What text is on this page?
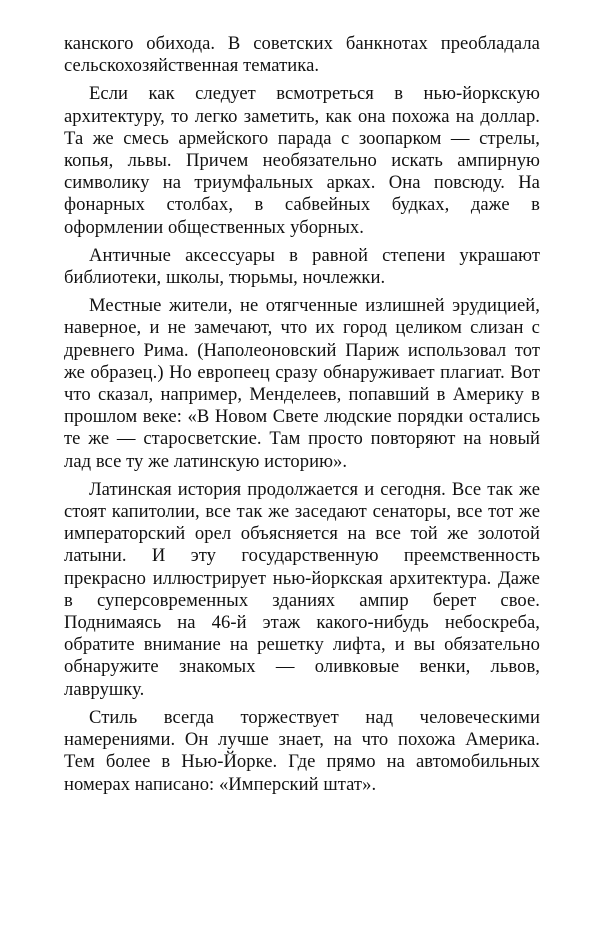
канского обихода. В советских банкнотах преобладала сельскохозяйственная тематика.

Если как следует всмотреться в нью-йоркскую архитектуру, то легко заметить, как она похожа на доллар. Та же смесь армейского парада с зоопарком — стрелы, копья, львы. Причем необязательно искать ампирную символику на триумфальных арках. Она повсюду. На фонарных столбах, в сабвейных будках, даже в оформлении общественных уборных.

Античные аксессуары в равной степени украшают библиотеки, школы, тюрьмы, ночлежки.

Местные жители, не отягченные излишней эрудицией, наверное, и не замечают, что их город целиком слизан с древнего Рима. (Наполеоновский Париж использовал тот же образец.) Но европеец сразу обнаруживает плагиат. Вот что сказал, например, Менделеев, попавший в Америку в прошлом веке: «В Новом Свете людские порядки остались те же — старосветские. Там просто повторяют на новый лад все ту же латинскую историю».

Латинская история продолжается и сегодня. Все так же стоят капитолии, все так же заседают сенаторы, все тот же императорский орел объясняется на все той же золотой латыни. И эту государственную преемственность прекрасно иллюстрирует нью-йоркская архитектура. Даже в суперсовременных зданиях ампир берет свое. Поднимаясь на 46-й этаж какого-нибудь небоскреба, обратите внимание на решетку лифта, и вы обязательно обнаружите знакомых — оливковые венки, львов, лаврушку.

Стиль всегда торжествует над человеческими намерениями. Он лучше знает, на что похожа Америка. Тем более в Нью-Йорке. Где прямо на автомобильных номерах написано: «Имперский штат».
